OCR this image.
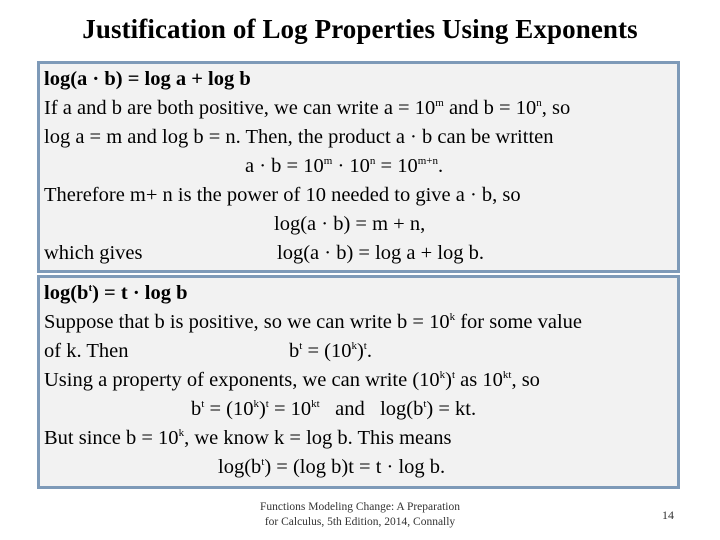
Justification of Log Properties Using Exponents
log(a · b) = log a + log b
If a and b are both positive, we can write $a = 10^m$ and $b = 10^n$, so
log a = m and log b = n. Then, the product a · b can be written
$a \cdot b = 10^m \cdot 10^n = 10^{m+n}$.
Therefore m+ n is the power of 10 needed to give a · b, so
log(a · b) = m + n,
which gives	log(a · b) = log a + log b.
$\log(b^t) = t \cdot \log b$
Suppose that b is positive, so we can write $b = 10^k$ for some value
of k. Then	$b^t = (10^k)^t$.
Using a property of exponents, we can write $(10^k)^t$ as $10^{kt}$, so
$b^t = (10^k)^t = 10^{kt}$   and   $\log(b^t)$ = kt.
But since $b = 10^k$, we know k = log b. This means
$\log(b^t) = (\log$ b)t = t · log b.
Functions Modeling Change: A Preparation
for Calculus, 5th Edition, 2014, Connally	14
